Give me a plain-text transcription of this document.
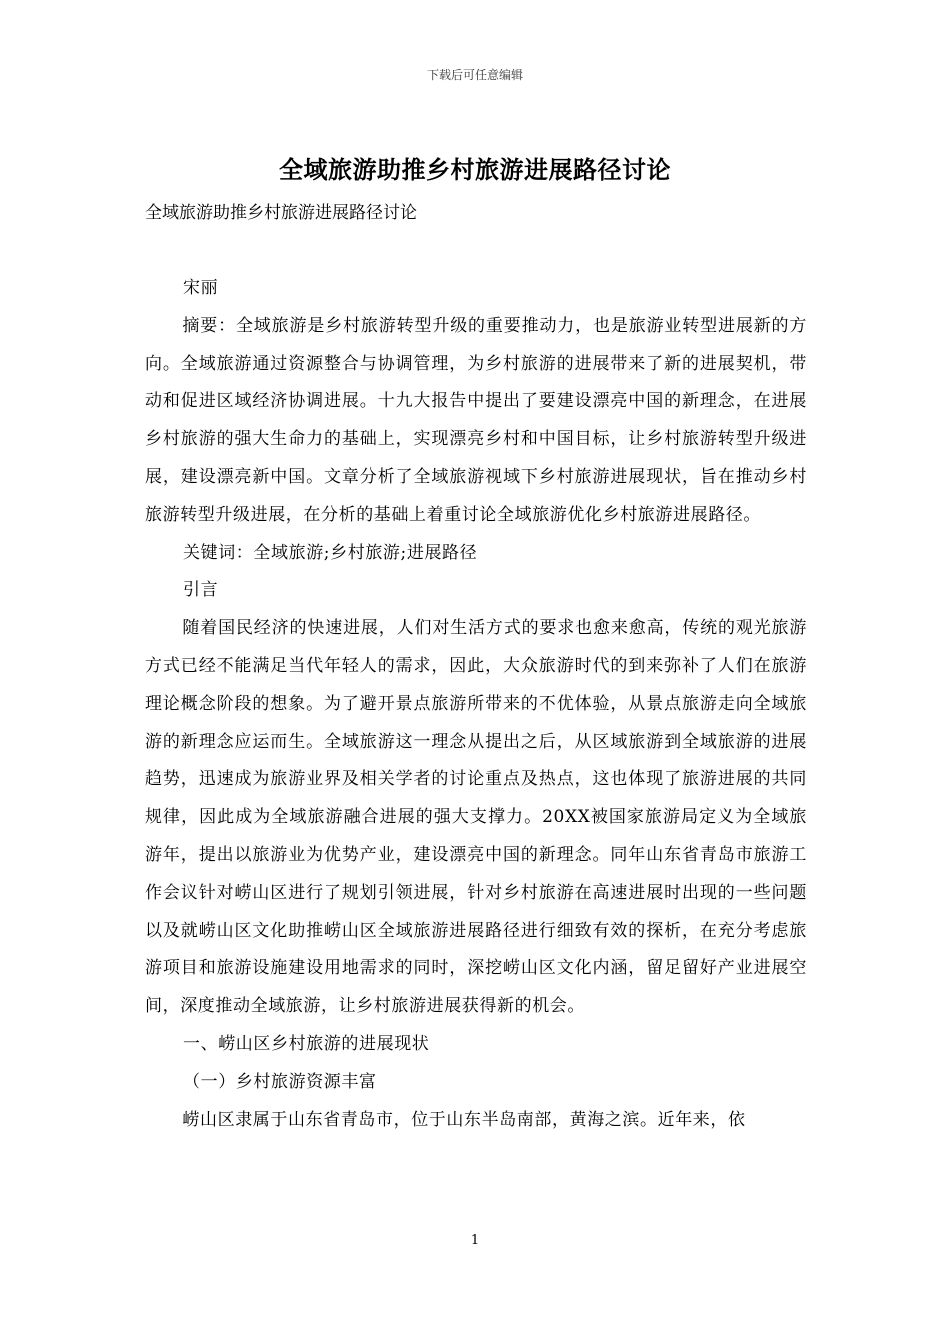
下载后可任意编辑
全域旅游助推乡村旅游进展路径讨论
全域旅游助推乡村旅游进展路径讨论

宋丽

摘要：全域旅游是乡村旅游转型升级的重要推动力，也是旅游业转型进展新的方向。全域旅游通过资源整合与协调管理，为乡村旅游的进展带来了新的进展契机，带动和促进区域经济协调进展。十九大报告中提出了要建设漂亮中国的新理念，在进展乡村旅游的强大生命力的基础上，实现漂亮乡村和中国目标，让乡村旅游转型升级进展，建设漂亮新中国。文章分析了全域旅游视域下乡村旅游进展现状，旨在推动乡村旅游转型升级进展，在分析的基础上着重讨论全域旅游优化乡村旅游进展路径。

关键词：全域旅游;乡村旅游;进展路径

引言

随着国民经济的快速进展，人们对生活方式的要求也愈来愈高，传统的观光旅游方式已经不能满足当代年轻人的需求，因此，大众旅游时代的到来弥补了人们在旅游理论概念阶段的想象。为了避开景点旅游所带来的不优体验，从景点旅游走向全域旅游的新理念应运而生。全域旅游这一理念从提出之后，从区域旅游到全域旅游的进展趋势，迅速成为旅游业界及相关学者的讨论重点及热点，这也体现了旅游进展的共同规律，因此成为全域旅游融合进展的强大支撑力。20XX被国家旅游局定义为全域旅游年，提出以旅游业为优势产业，建设漂亮中国的新理念。同年山东省青岛市旅游工作会议针对崂山区进行了规划引领进展，针对乡村旅游在高速进展时出现的一些问题以及就崂山区文化助推崂山区全域旅游进展路径进行细致有效的探析，在充分考虑旅游项目和旅游设施建设用地需求的同时，深挖崂山区文化内涵，留足留好产业进展空间，深度推动全域旅游，让乡村旅游进展获得新的机会。

一、崂山区乡村旅游的进展现状

（一）乡村旅游资源丰富

崂山区隶属于山东省青岛市，位于山东半岛南部，黄海之滨。近年来，依

1
